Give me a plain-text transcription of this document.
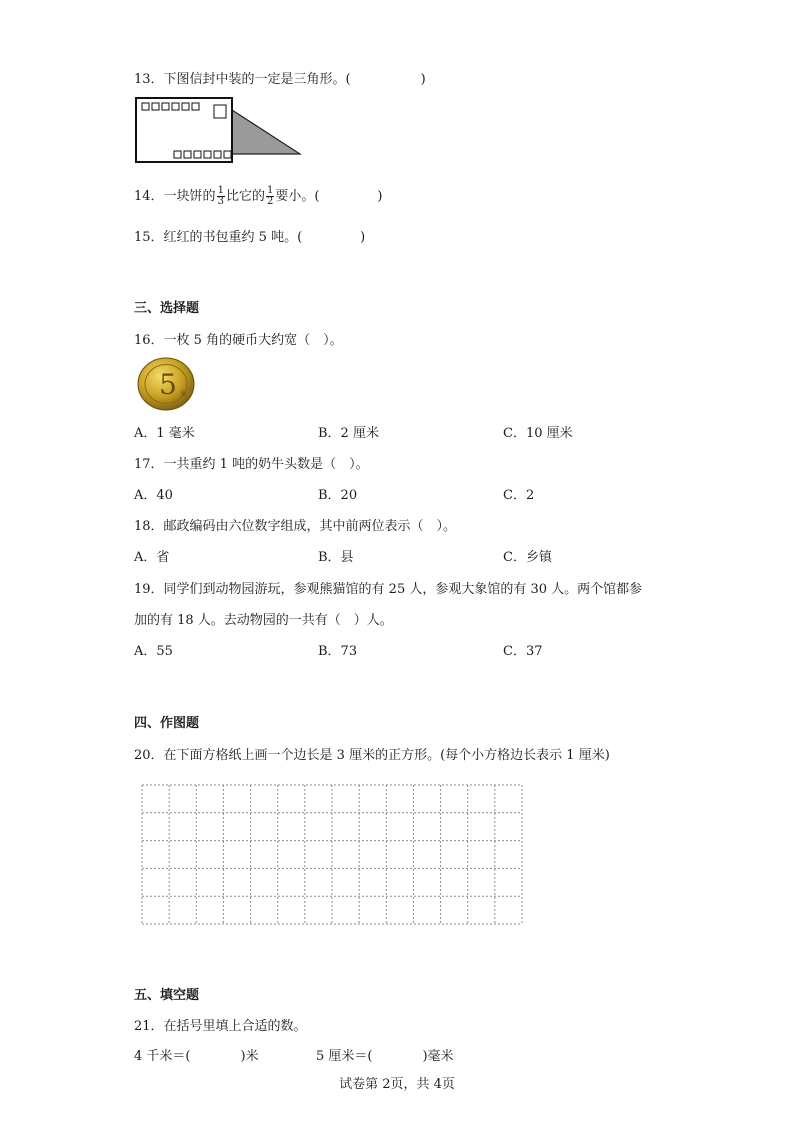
13．下图信封中装的一定是三角形。(	)
14．一块饼的 $\frac{1}{3}$ 比它的 $\frac{1}{2}$ 要小。(	)
15．红红的书包重约 5 吨。(	)
三、选择题
16．一枚 5 角的硬币大约宽（　）。
5 角
A．1 毫米	B．2 厘米	C．10 厘米
17．一共重约 1 吨的奶牛头数是（　）。
A．40	B．20	C．2
18．邮政编码由六位数字组成，其中前两位表示（　）。
A．省	B．县	C．乡镇
19．同学们到动物园游玩，参观熊猫馆的有 25 人，参观大象馆的有 30 人。两个馆都参
加的有 18 人。去动物园的一共有（　）人。
A．55	B．73	C．37
四、作图题
20．在下面方格纸上画一个边长是 3 厘米的正方形。(每个小方格边长表示 1 厘米)
五、填空题
21．在括号里填上合适的数。
4 千米＝(	)米	5 厘米＝(	)毫米
试卷第 2页，共 4页
